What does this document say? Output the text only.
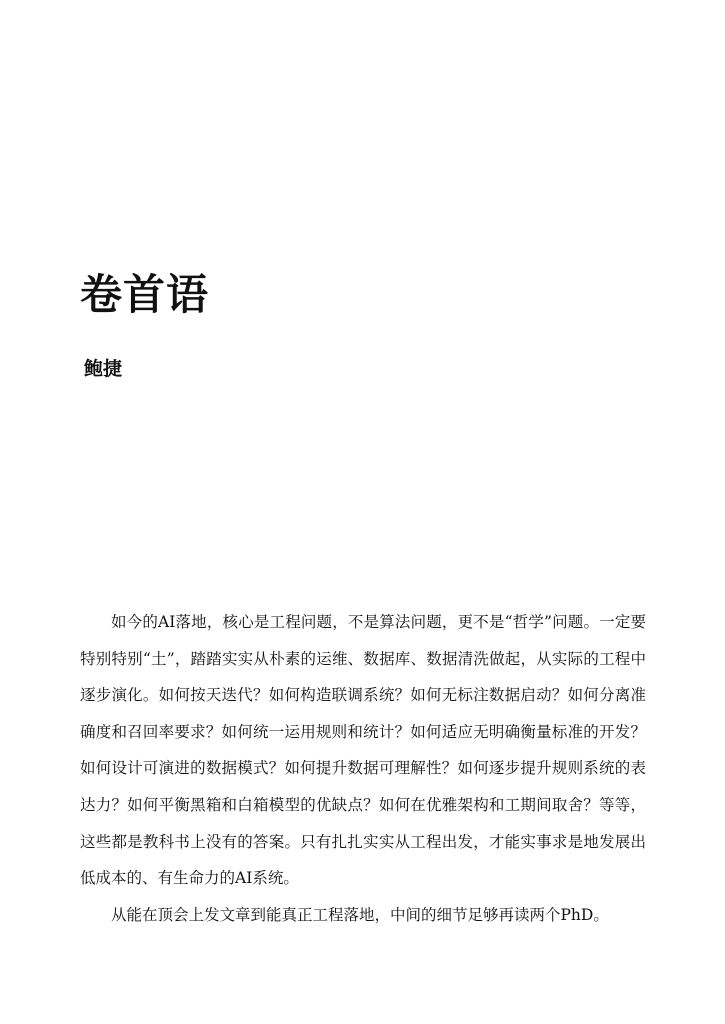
卷首语
鲍捷

如今的AI落地，核心是工程问题，不是算法问题，更不是“哲学”问题。一定要特别特别“土”，踏踏实实从朴素的运维、数据库、数据清洗做起，从实际的工程中逐步演化。如何按天迭代？如何构造联调系统？如何无标注数据启动？如何分离准确度和召回率要求？如何统一运用规则和统计？如何适应无明确衡量标准的开发？如何设计可演进的数据模式？如何提升数据可理解性？如何逐步提升规则系统的表达力？如何平衡黑箱和白箱模型的优缺点？如何在优雅架构和工期间取舍？等等，这些都是教科书上没有的答案。只有扎扎实实从工程出发，才能实事求是地发展出低成本的、有生命力的AI系统。

从能在顶会上发文章到能真正工程落地，中间的细节足够再读两个PhD。
